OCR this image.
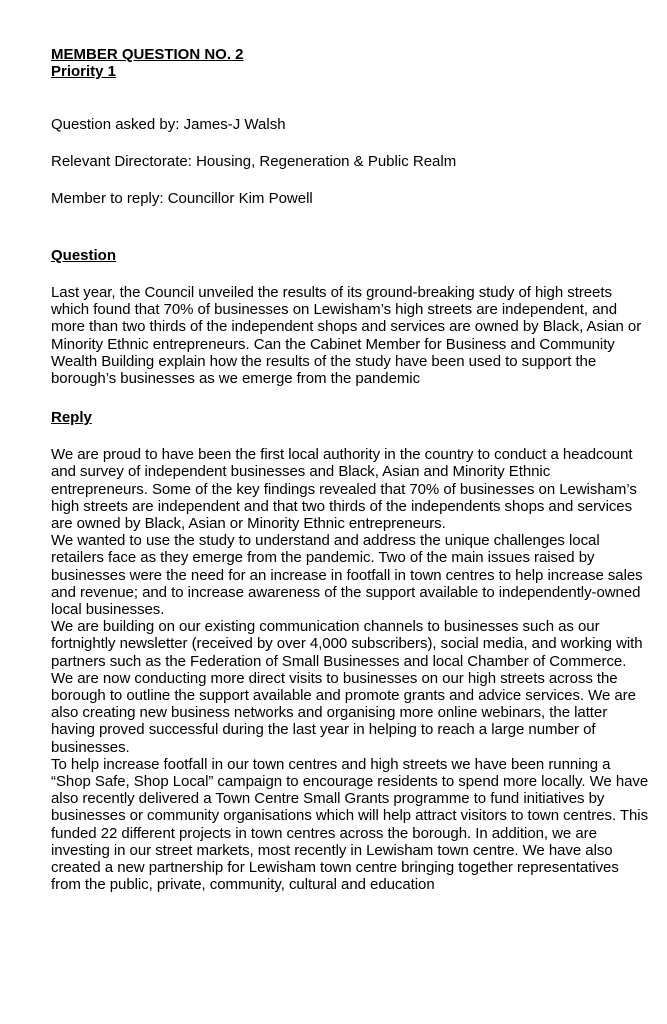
MEMBER QUESTION NO. 2

Priority 1

Question asked by: James-J Walsh

Relevant Directorate: Housing, Regeneration & Public Realm

Member to reply: Councillor Kim Powell

Question

Last year, the Council unveiled the results of its ground-breaking study of high streets which found that 70% of businesses on Lewisham’s high streets are independent, and more than two thirds of the independent shops and services are owned by Black, Asian or Minority Ethnic entrepreneurs. Can the Cabinet Member for Business and Community Wealth Building explain how the results of the study have been used to support the borough’s businesses as we emerge from the pandemic

Reply

We are proud to have been the first local authority in the country to conduct a headcount and survey of independent businesses and Black, Asian and Minority Ethnic entrepreneurs. Some of the key findings revealed that 70% of businesses on Lewisham’s high streets are independent and that two thirds of the independents shops and services are owned by Black, Asian or Minority Ethnic entrepreneurs.

We wanted to use the study to understand and address the unique challenges local retailers face as they emerge from the pandemic. Two of the main issues raised by businesses were the need for an increase in footfall in town centres to help increase sales and revenue; and to increase awareness of the support available to independently-owned local businesses.

We are building on our existing communication channels to businesses such as our fortnightly newsletter (received by over 4,000 subscribers), social media, and working with partners such as the Federation of Small Businesses and local Chamber of Commerce. We are now conducting more direct visits to businesses on our high streets across the borough to outline the support available and promote grants and advice services. We are also creating new business networks and organising more online webinars, the latter having proved successful during the last year in helping to reach a large number of businesses.

To help increase footfall in our town centres and high streets we have been running a “Shop Safe, Shop Local” campaign to encourage residents to spend more locally. We have also recently delivered a Town Centre Small Grants programme to fund initiatives by businesses or community organisations which will help attract visitors to town centres. This funded 22 different projects in town centres across the borough. In addition, we are investing in our street markets, most recently in Lewisham town centre. We have also created a new partnership for Lewisham town centre bringing together representatives from the public, private, community, cultural and education
